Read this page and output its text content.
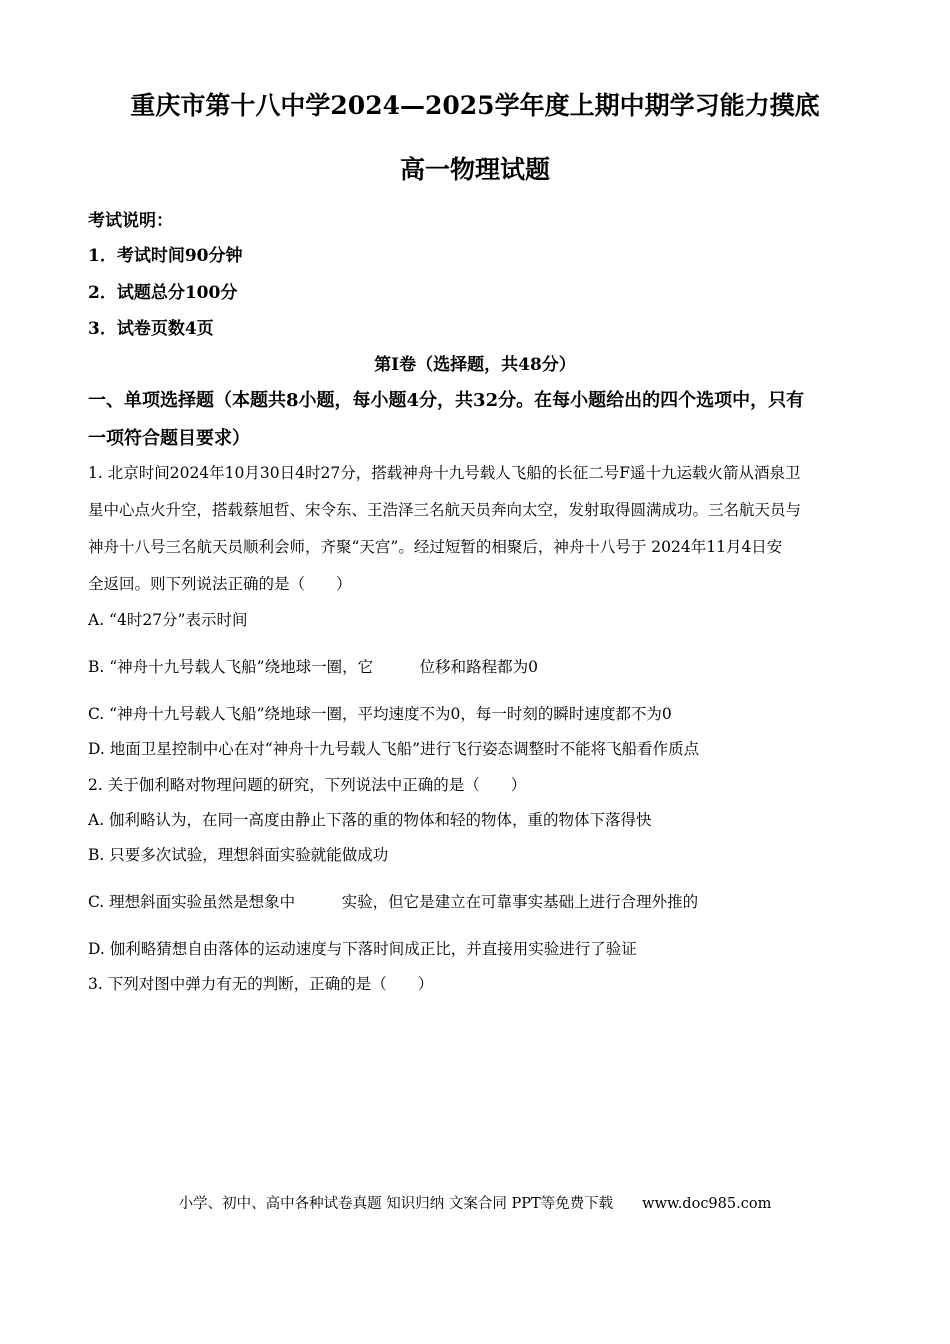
重庆市第十八中学2024—2025学年度上期中期学习能力摸底
高一物理试题
考试说明：
1．考试时间90分钟
2．试题总分100分
3．试卷页数4页
第Ⅰ卷（选择题，共48分）
一、单项选择题（本题共8小题，每小题4分，共32分。在每小题给出的四个选项中，只有
一项符合题目要求）
1. 北京时间2024年10月30日4时27分，搭载神舟十九号载人飞船的长征二号F遥十九运载火箭从酒泉卫
星中心点火升空，搭载蔡旭哲、宋令东、王浩泽三名航天员奔向太空，发射取得圆满成功。三名航天员与
神舟十八号三名航天员顺利会师，齐聚“天宫”。经过短暂的相聚后，神舟十八号于 2024年11月4日安
全返回。则下列说法正确的是（　　）
A. “4时27分”表示时间
B. “神舟十九号载人飞船”绕地球一圈，它　　　位移和路程都为0
C. “神舟十九号载人飞船”绕地球一圈，平均速度不为0，每一时刻的瞬时速度都不为0
D. 地面卫星控制中心在对“神舟十九号载人飞船”进行飞行姿态调整时不能将飞船看作质点
2. 关于伽利略对物理问题的研究，下列说法中正确的是（　　）
A. 伽利略认为，在同一高度由静止下落的重的物体和轻的物体，重的物体下落得快
B. 只要多次试验，理想斜面实验就能做成功
C. 理想斜面实验虽然是想象中　　　实验，但它是建立在可靠事实基础上进行合理外推的
D. 伽利略猜想自由落体的运动速度与下落时间成正比，并直接用实验进行了验证
3. 下列对图中弹力有无的判断，正确的是（　　）
小学、初中、高中各种试卷真题 知识归纳 文案合同 PPT等免费下载　　www.doc985.com
